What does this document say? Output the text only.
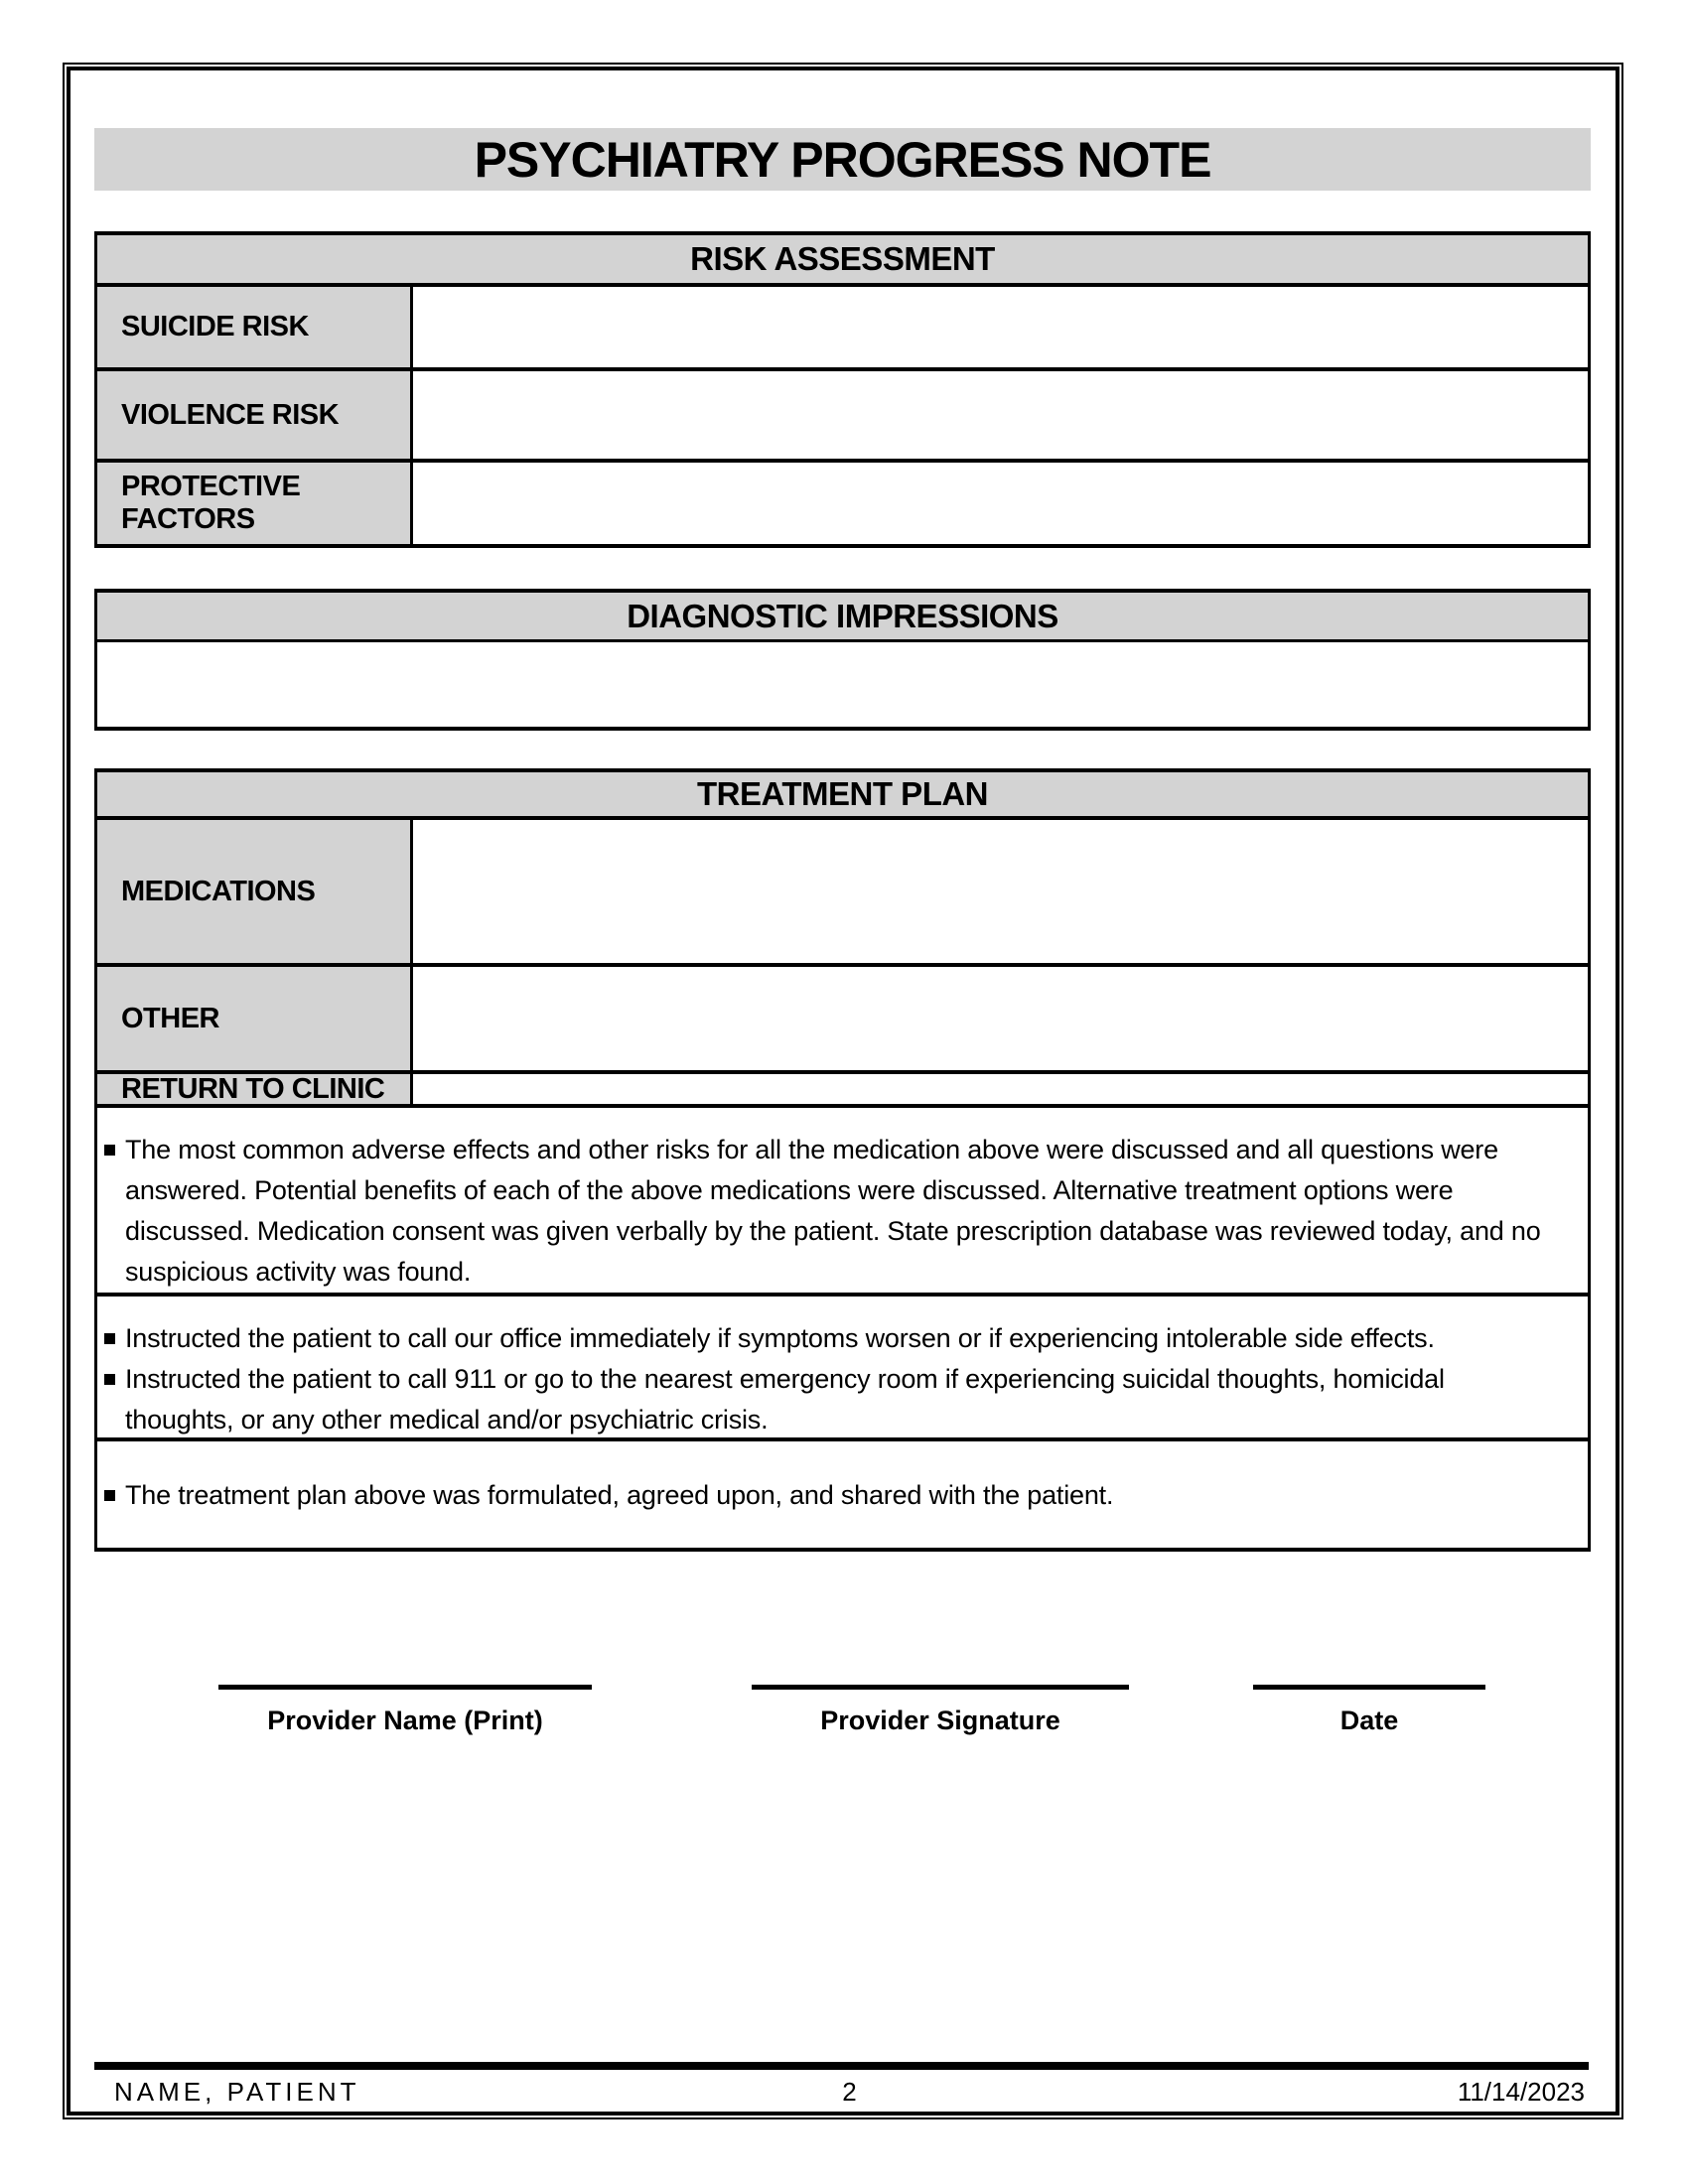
PSYCHIATRY PROGRESS NOTE
RISK ASSESSMENT
SUICIDE RISK
VIOLENCE RISK
PROTECTIVE FACTORS
DIAGNOSTIC IMPRESSIONS
TREATMENT PLAN
MEDICATIONS
OTHER
RETURN TO CLINIC
The most common adverse effects and other risks for all the medication above were discussed and all questions were answered. Potential benefits of each of the above medications were discussed. Alternative treatment options were discussed. Medication consent was given verbally by the patient. State prescription database was reviewed today, and no suspicious activity was found.
Instructed the patient to call our office immediately if symptoms worsen or if experiencing intolerable side effects.
Instructed the patient to call 911 or go to the nearest emergency room if experiencing suicidal thoughts, homicidal thoughts, or any other medical and/or psychiatric crisis.
The treatment plan above was formulated, agreed upon, and shared with the patient.
Provider Name (Print)	Provider Signature	Date
NAME, PATIENT	2	11/14/2023
